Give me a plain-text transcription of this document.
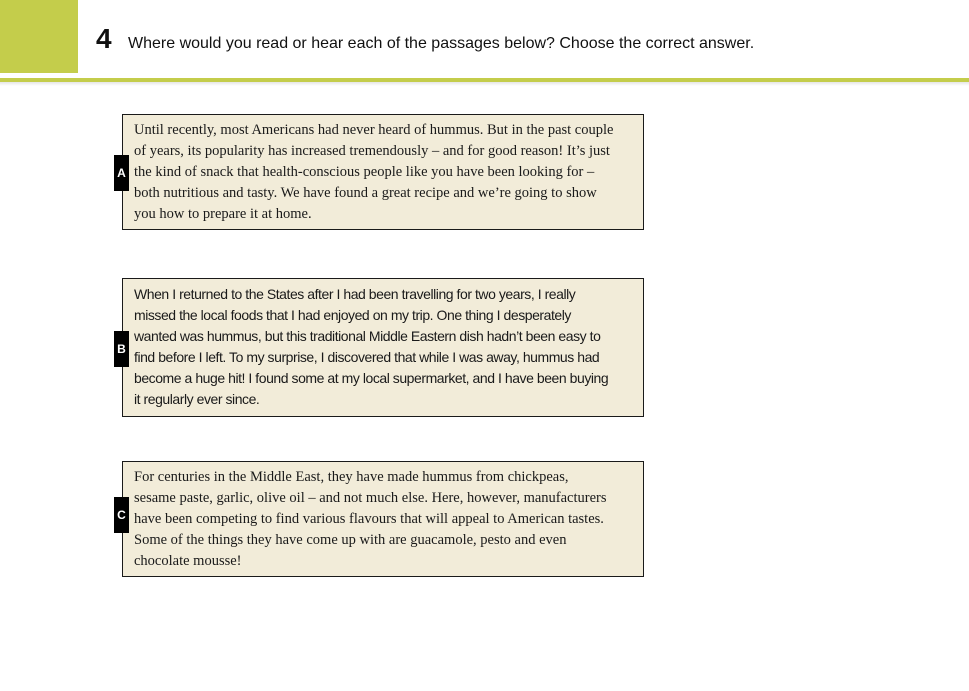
4 Where would you read or hear each of the passages below? Choose the correct answer.
Until recently, most Americans had never heard of hummus. But in the past couple
of years, its popularity has increased tremendously – and for good reason! It’s just
the kind of snack that health-conscious people like you have been looking for –
both nutritious and tasty. We have found a great recipe and we’re going to show
you how to prepare it at home.
A
When I returned to the States after I had been travelling for two years, I really
missed the local foods that I had enjoyed on my trip. One thing I desperately
wanted was hummus, but this traditional Middle Eastern dish hadn’t been easy to
find before I left. To my surprise, I discovered that while I was away, hummus had
become a huge hit! I found some at my local supermarket, and I have been buying
it regularly ever since.
B
For centuries in the Middle East, they have made hummus from chickpeas,
sesame paste, garlic, olive oil – and not much else. Here, however, manufacturers
have been competing to find various flavours that will appeal to American tastes.
Some of the things they have come up with are guacamole, pesto and even
chocolate mousse!
C
